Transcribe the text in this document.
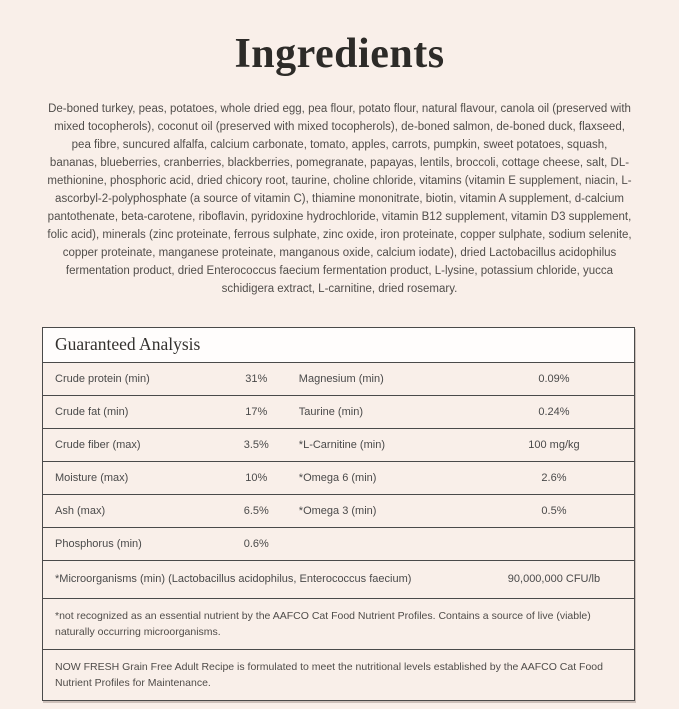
Ingredients

De-boned turkey, peas, potatoes, whole dried egg, pea flour, potato flour, natural flavour, canola oil (preserved with mixed tocopherols), coconut oil (preserved with mixed tocopherols), de-boned salmon, de-boned duck, flaxseed, pea fibre, suncured alfalfa, calcium carbonate, tomato, apples, carrots, pumpkin, sweet potatoes, squash, bananas, blueberries, cranberries, blackberries, pomegranate, papayas, lentils, broccoli, cottage cheese, salt, DL-methionine, phosphoric acid, dried chicory root, taurine, choline chloride, vitamins (vitamin E supplement, niacin, L-ascorbyl-2-polyphosphate (a source of vitamin C), thiamine mononitrate, biotin, vitamin A supplement, d-calcium pantothenate, beta-carotene, riboflavin, pyridoxine hydrochloride, vitamin B12 supplement, vitamin D3 supplement, folic acid), minerals (zinc proteinate, ferrous sulphate, zinc oxide, iron proteinate, copper sulphate, sodium selenite, copper proteinate, manganese proteinate, manganous oxide, calcium iodate), dried Lactobacillus acidophilus fermentation product, dried Enterococcus faecium fermentation product, L-lysine, potassium chloride, yucca schidigera extract, L-carnitine, dried rosemary.

Guaranteed Analysis
Crude protein (min)	31%	Magnesium (min)	0.09%
Crude fat (min)	17%	Taurine (min)	0.24%
Crude fiber (max)	3.5%	*L-Carnitine (min)	100 mg/kg
Moisture (max)	10%	*Omega 6 (min)	2.6%
Ash (max)	6.5%	*Omega 3 (min)	0.5%
Phosphorus (min)	0.6%
*Microorganisms (min) (Lactobacillus acidophilus, Enterococcus faecium)	90,000,000 CFU/lb
*not recognized as an essential nutrient by the AAFCO Cat Food Nutrient Profiles. Contains a source of live (viable) naturally occurring microorganisms.
NOW FRESH Grain Free Adult Recipe is formulated to meet the nutritional levels established by the AAFCO Cat Food Nutrient Profiles for Maintenance.
